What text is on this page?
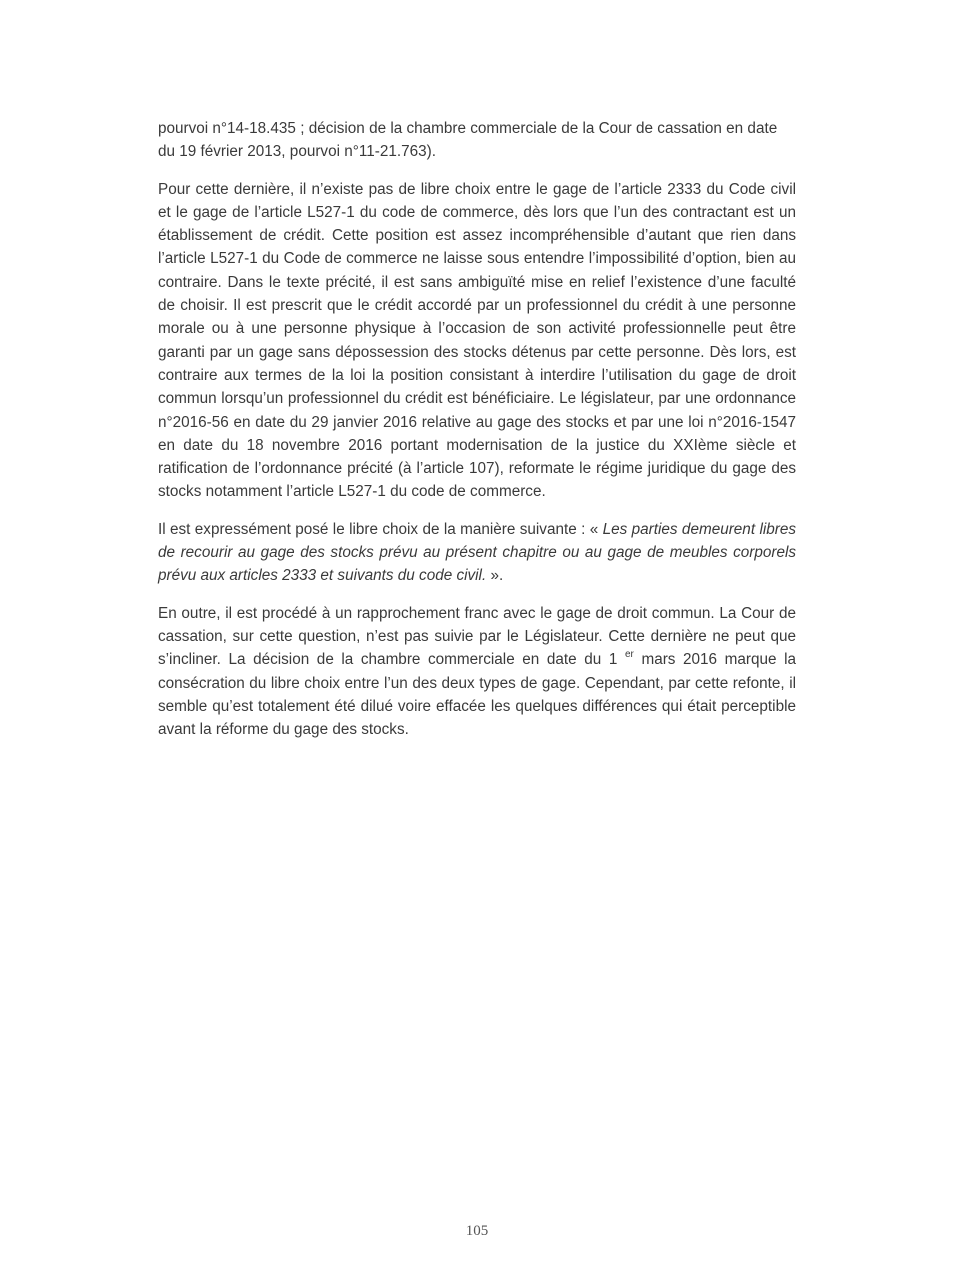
pourvoi n°14-18.435 ; décision de la chambre commerciale de la Cour de cassation en date du 19 février 2013, pourvoi n°11-21.763).

Pour cette dernière, il n’existe pas de libre choix entre le gage de l’article 2333 du Code civil et le gage de l’article L527-1 du code de commerce, dès lors que l’un des contractant est un établissement de crédit. Cette position est assez incompréhensible d’autant que rien dans l’article L527-1 du Code de commerce ne laisse sous entendre l’impossibilité d’option, bien au contraire. Dans le texte précité, il est sans ambiguïté mise en relief l’existence d’une faculté de choisir. Il est prescrit que le crédit accordé par un professionnel du crédit à une personne morale ou à une personne physique à l’occasion de son activité professionnelle peut être garanti par un gage sans dépossession des stocks détenus par cette personne. Dès lors, est contraire aux termes de la loi la position consistant à interdire l’utilisation du gage de droit commun lorsqu’un professionnel du crédit est bénéficiaire. Le législateur, par une ordonnance n°2016-56 en date du 29 janvier 2016 relative au gage des stocks et par une loi n°2016-1547 en date du 18 novembre 2016 portant modernisation de la justice du XXIème siècle et ratification de l’ordonnance précité (à l’article 107), reformate le régime juridique du gage des stocks notamment l’article L527-1 du code de commerce.

Il est expressément posé le libre choix de la manière suivante : « Les parties demeurent libres de recourir au gage des stocks prévu au présent chapitre ou au gage de meubles corporels prévu aux articles 2333 et suivants du code civil. ».

En outre, il est procédé à un rapprochement franc avec le gage de droit commun. La Cour de cassation, sur cette question, n’est pas suivie par le Législateur. Cette dernière ne peut que s’incliner. La décision de la chambre commerciale en date du 1 $^{er}$ mars 2016 marque la consécration du libre choix entre l’un des deux types de gage. Cependant, par cette refonte, il semble qu’est totalement été dilué voire effacée les quelques différences qui était perceptible avant la réforme du gage des stocks.

105
